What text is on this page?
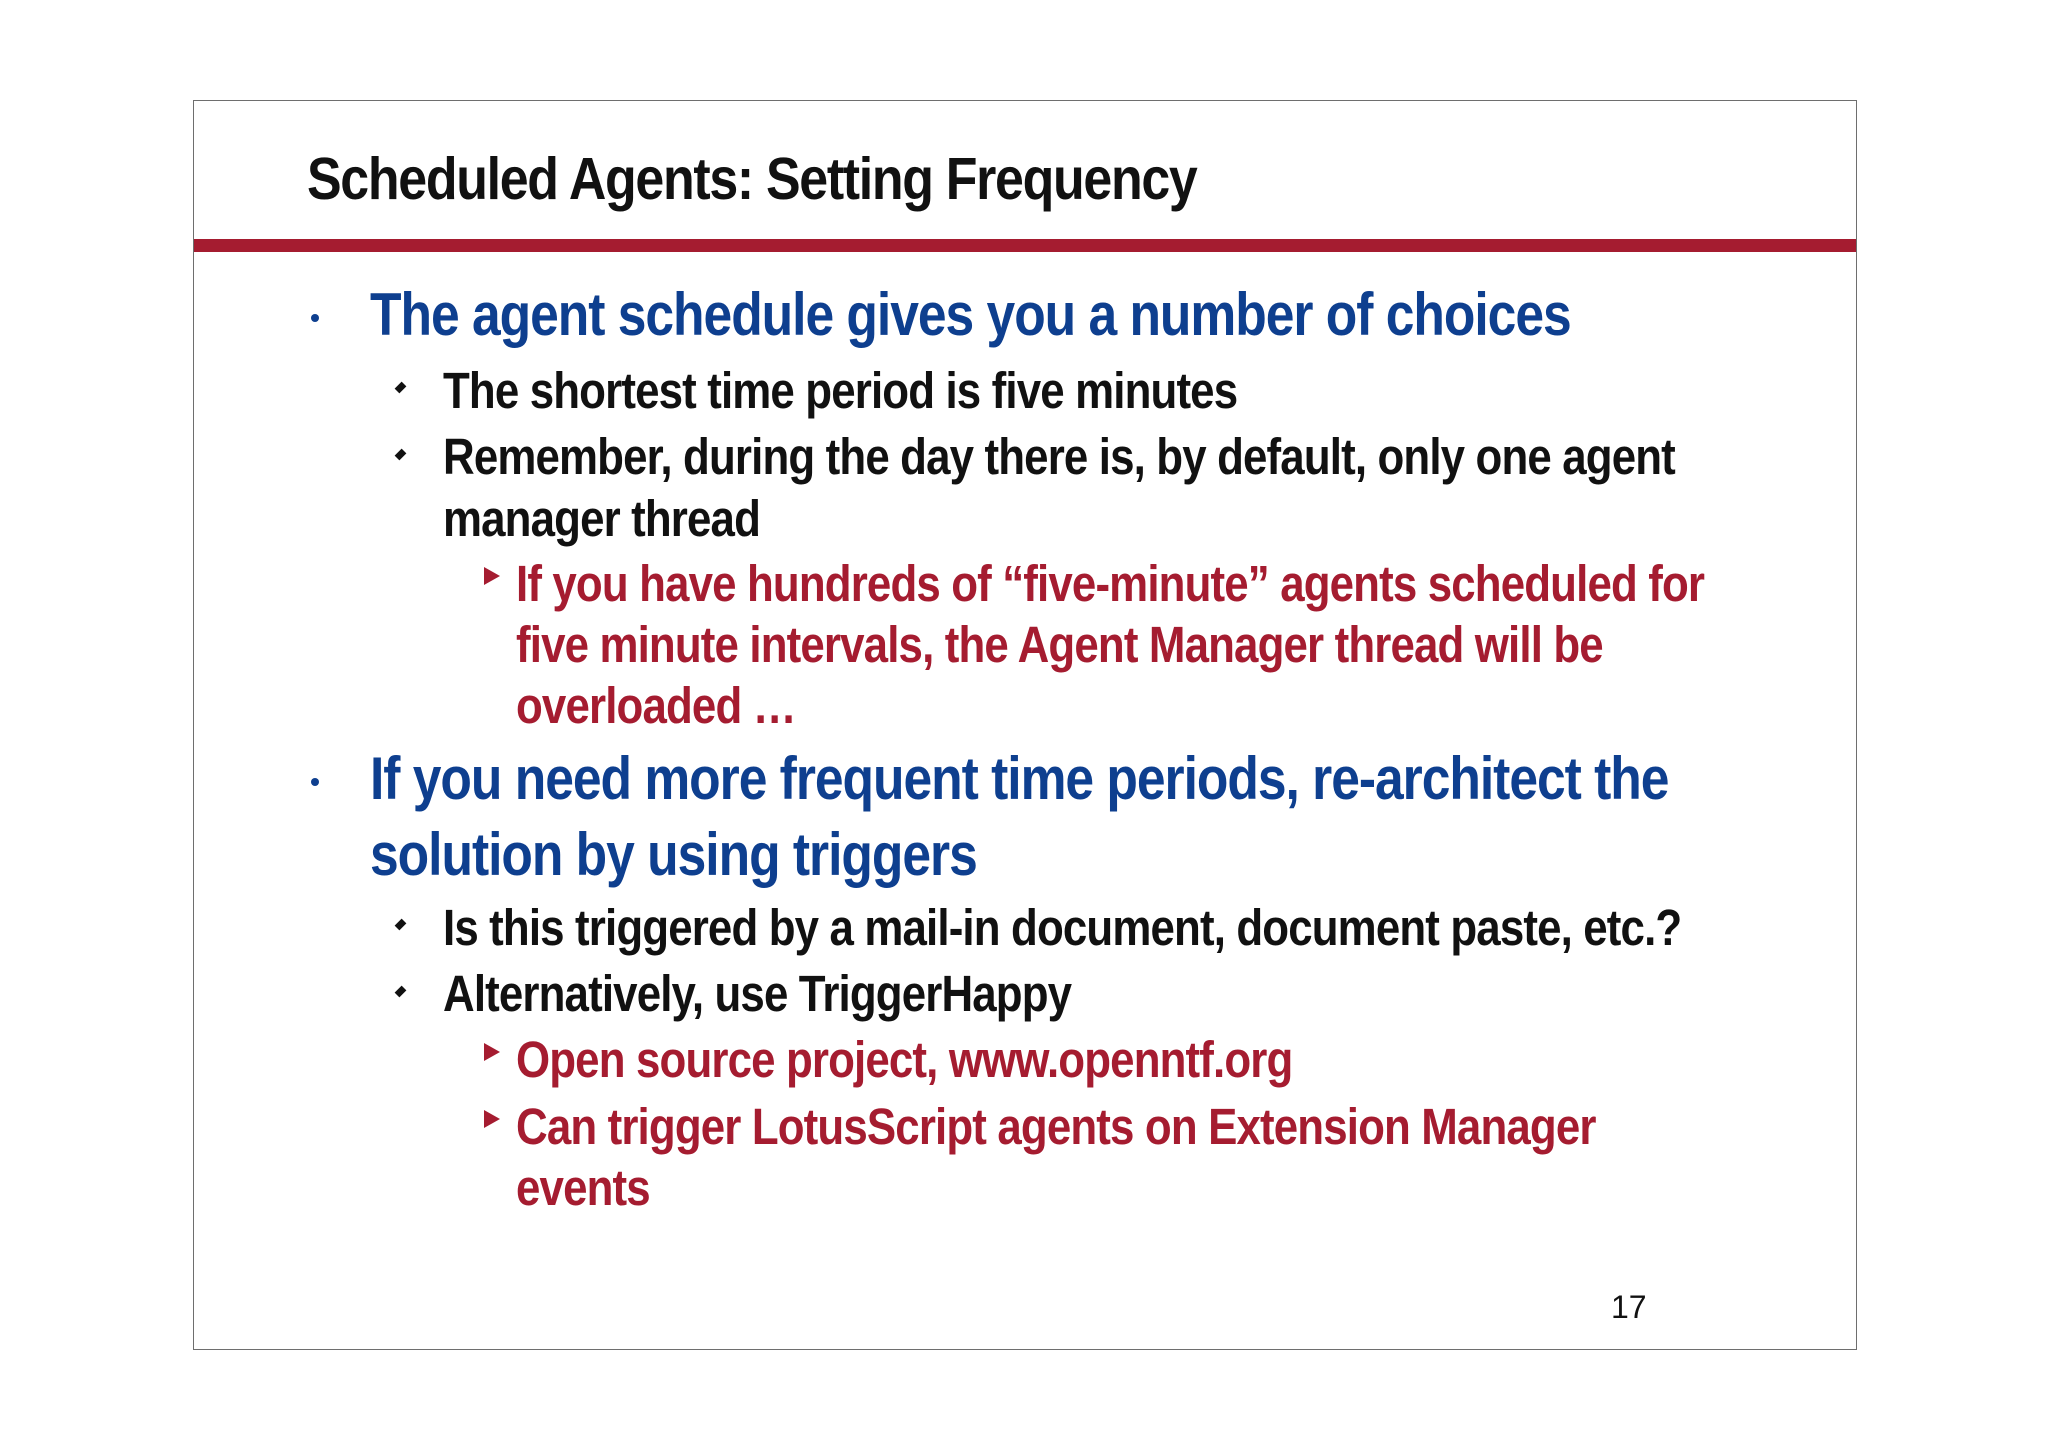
Scheduled Agents: Setting Frequency
The agent schedule gives you a number of choices
The shortest time period is five minutes
Remember, during the day there is, by default, only one agent
manager thread
If you have hundreds of “five-minute” agents scheduled for
five minute intervals, the Agent Manager thread will be
overloaded …
If you need more frequent time periods, re-architect the
solution by using triggers
Is this triggered by a mail-in document, document paste, etc.?
Alternatively, use TriggerHappy
Open source project, www.openntf.org
Can trigger LotusScript agents on Extension Manager
events
17
